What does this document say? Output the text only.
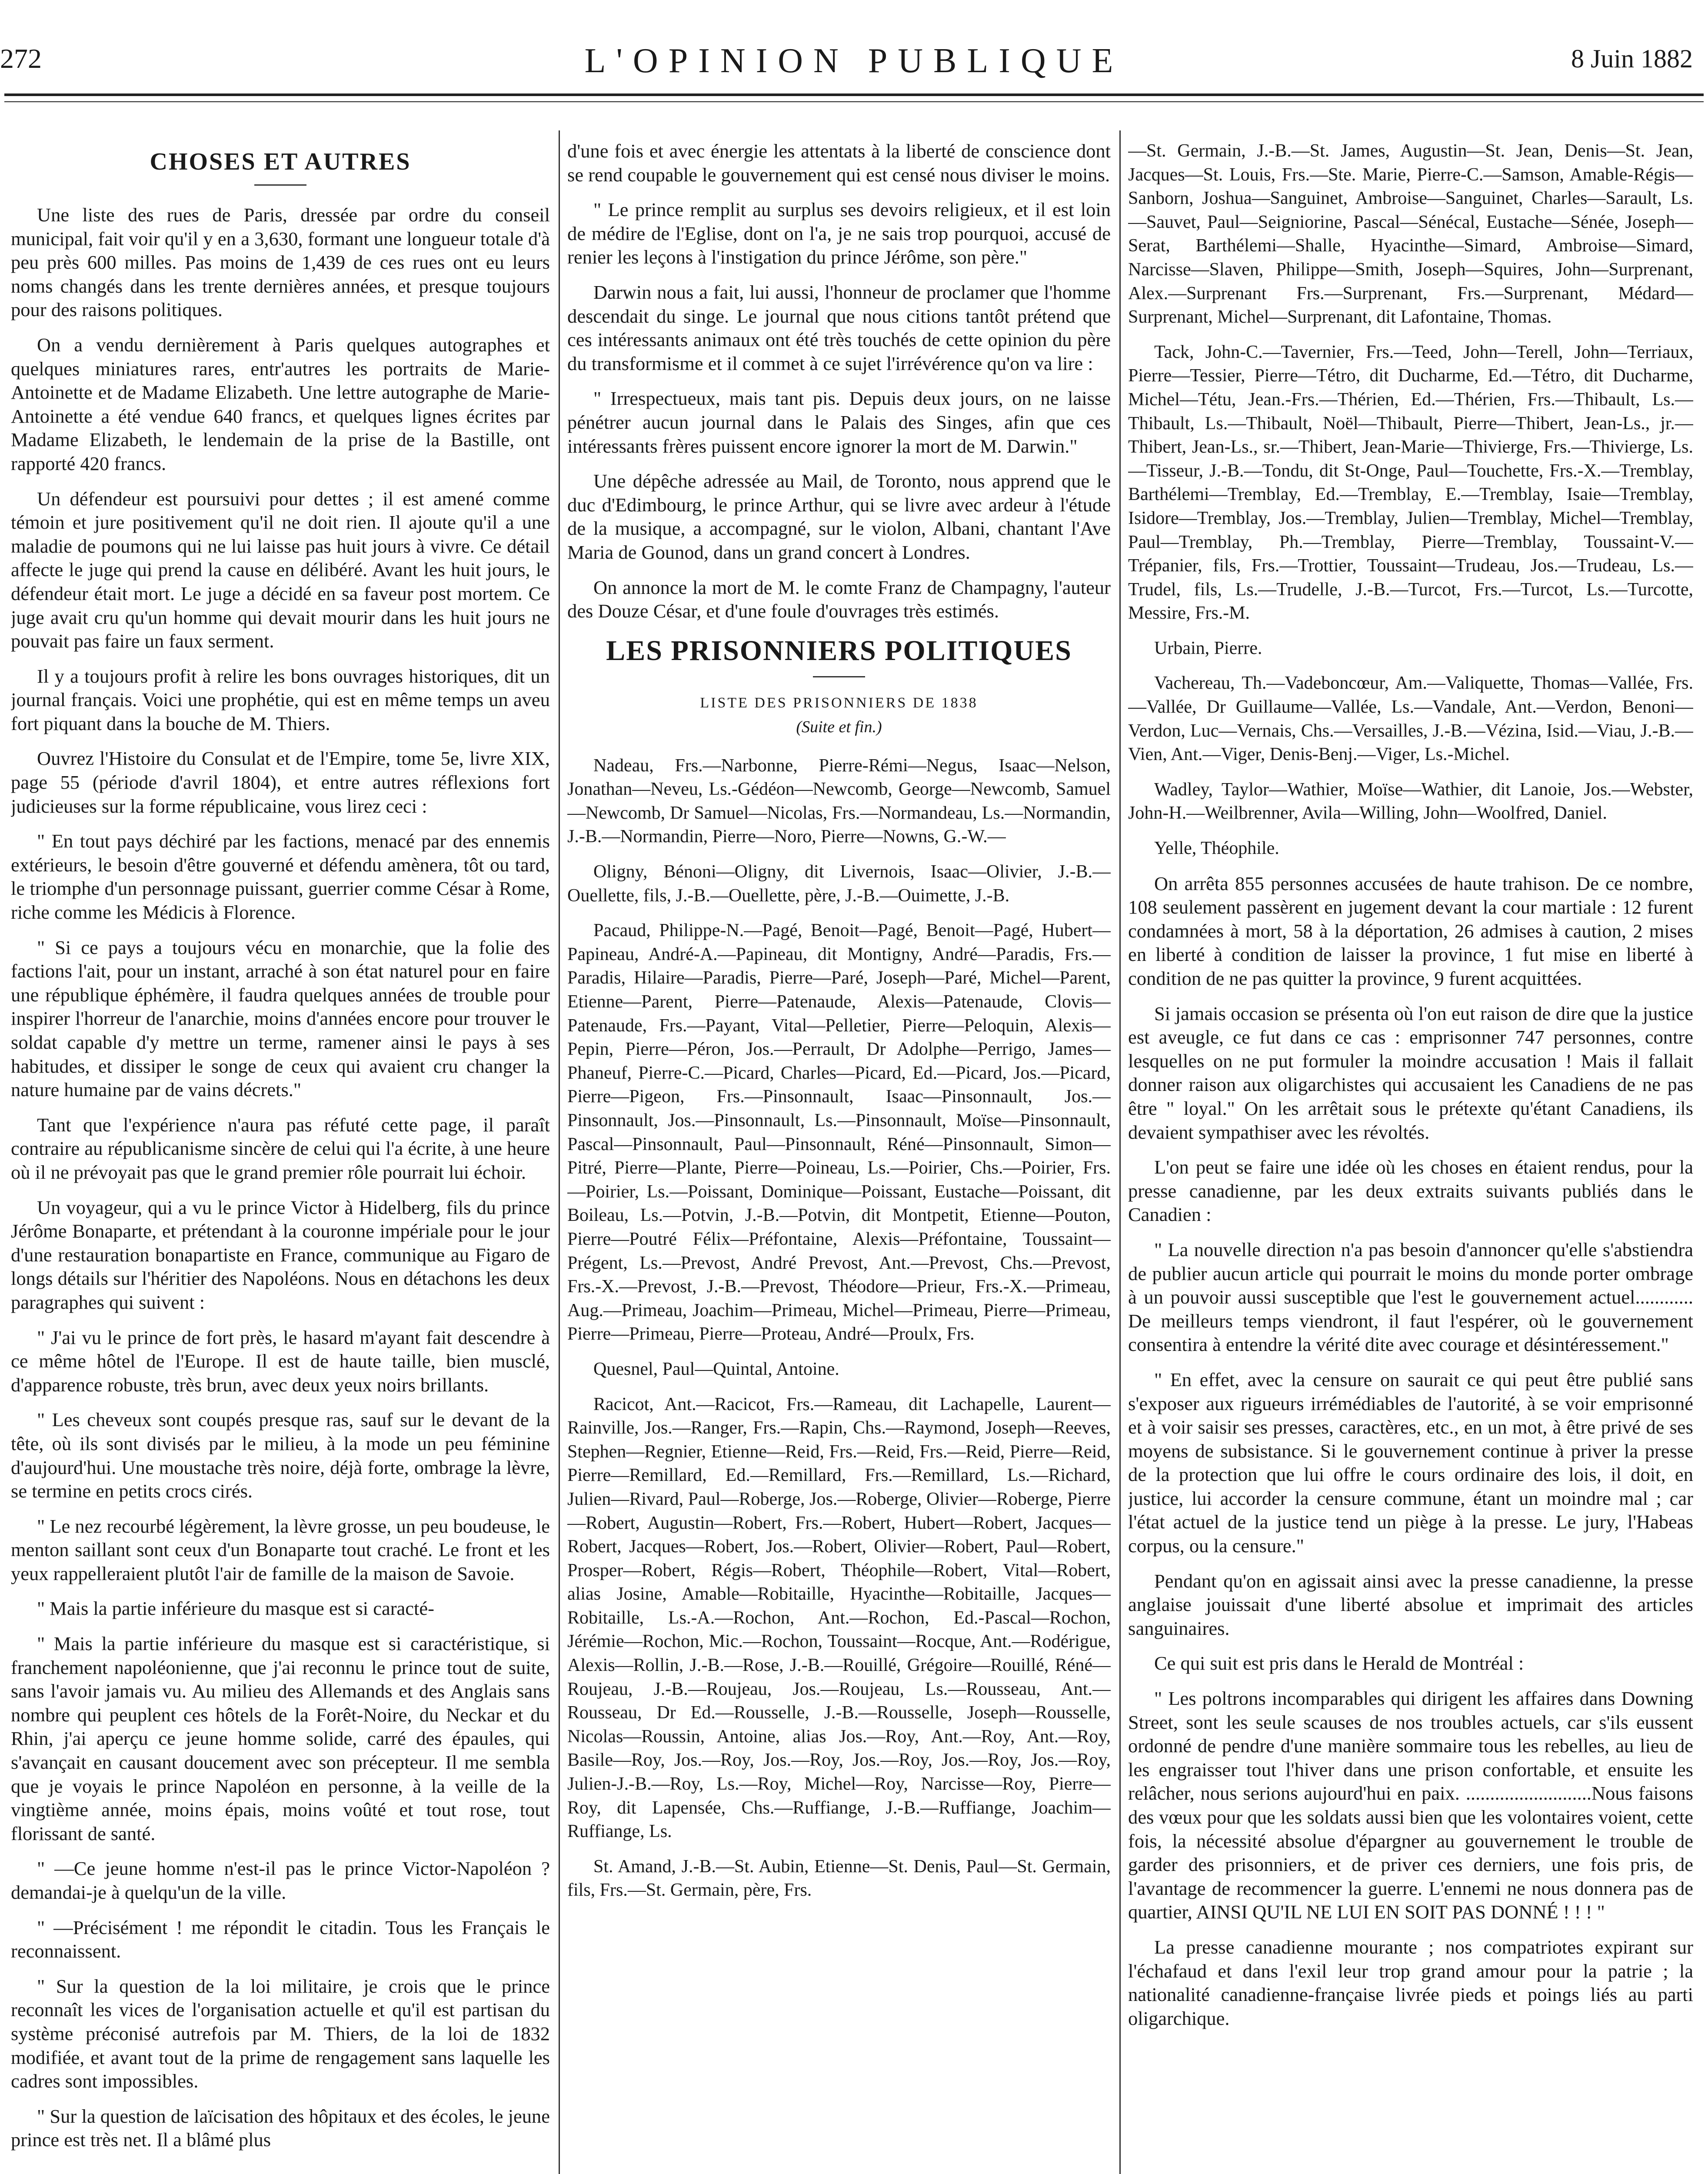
272	L'OPINION PUBLIQUE	8 Juin 1882
CHOSES ET AUTRES

Une liste des rues de Paris, dressée par ordre du conseil municipal, fait voir qu'il y en a 3,630, formant une longueur totale d'à peu près 600 milles. Pas moins de 1,439 de ces rues ont eu leurs noms changés dans les trente dernières années, et presque toujours pour des raisons politiques.

On a vendu dernièrement à Paris quelques autographes et quelques miniatures rares, entr'autres les portraits de Marie-Antoinette et de Madame Elizabeth. Une lettre autographe de Marie-Antoinette a été vendue 640 francs, et quelques lignes écrites par Madame Elizabeth, le lendemain de la prise de la Bastille, ont rapporté 420 francs.

Un défendeur est poursuivi pour dettes ; il est amené comme témoin et jure positivement qu'il ne doit rien. Il ajoute qu'il a une maladie de poumons qui ne lui laisse pas huit jours à vivre. Ce détail affecte le juge qui prend la cause en délibéré. Avant les huit jours, le défendeur était mort. Le juge a décidé en sa faveur post mortem. Ce juge avait cru qu'un homme qui devait mourir dans les huit jours ne pouvait pas faire un faux serment.

Il y a toujours profit à relire les bons ouvrages historiques, dit un journal français. Voici une prophétie, qui est en même temps un aveu fort piquant dans la bouche de M. Thiers.

Ouvrez l'Histoire du Consulat et de l'Empire, tome 5e, livre XIX, page 55 (période d'avril 1804), et entre autres réflexions fort judicieuses sur la forme républicaine, vous lirez ceci :

" En tout pays déchiré par les factions, menacé par des ennemis extérieurs, le besoin d'être gouverné et défendu amènera, tôt ou tard, le triomphe d'un personnage puissant, guerrier comme César à Rome, riche comme les Médicis à Florence.

" Si ce pays a toujours vécu en monarchie, que la folie des factions l'ait, pour un instant, arraché à son état naturel pour en faire une république éphémère, il faudra quelques années de trouble pour inspirer l'horreur de l'anarchie, moins d'années encore pour trouver le soldat capable d'y mettre un terme, ramener ainsi le pays à ses habitudes, et dissiper le songe de ceux qui avaient cru changer la nature humaine par de vains décrets."

Tant que l'expérience n'aura pas réfuté cette page, il paraît contraire au républicanisme sincère de celui qui l'a écrite, à une heure où il ne prévoyait pas que le grand premier rôle pourrait lui échoir.

Un voyageur, qui a vu le prince Victor à Hidelberg, fils du prince Jérôme Bonaparte, et prétendant à la couronne impériale pour le jour d'une restauration bonapartiste en France, communique au Figaro de longs détails sur l'héritier des Napoléons. Nous en détachons les deux paragraphes qui suivent :

" J'ai vu le prince de fort près, le hasard m'ayant fait descendre à ce même hôtel de l'Europe. Il est de haute taille, bien musclé, d'apparence robuste, très brun, avec deux yeux noirs brillants.

" Les cheveux sont coupés presque ras, sauf sur le devant de la tête, où ils sont divisés par le milieu, à la mode un peu féminine d'aujourd'hui. Une moustache très noire, déjà forte, ombrage la lèvre, se termine en petits crocs cirés.

" Le nez recourbé légèrement, la lèvre grosse, un peu boudeuse, le menton saillant sont ceux d'un Bonaparte tout craché. Le front et les yeux rappelleraient plutôt l'air de famille de la maison de Savoie.

" Mais la partie inférieure du masque est si caracté-

" Mais la partie inférieure du masque est si caractéristique, si franchement napoléonienne, que j'ai reconnu le prince tout de suite, sans l'avoir jamais vu. Au milieu des Allemands et des Anglais sans nombre qui peuplent ces hôtels de la Forêt-Noire, du Neckar et du Rhin, j'ai aperçu ce jeune homme solide, carré des épaules, qui s'avançait en causant doucement avec son précepteur. Il me sembla que je voyais le prince Napoléon en personne, à la veille de la vingtième année, moins épais, moins voûté et tout rose, tout florissant de santé.

" —Ce jeune homme n'est-il pas le prince Victor-Napoléon ? demandai-je à quelqu'un de la ville.

" —Précisément ! me répondit le citadin. Tous les Français le reconnaissent.

" Sur la question de la loi militaire, je crois que le prince reconnaît les vices de l'organisation actuelle et qu'il est partisan du système préconisé autrefois par M. Thiers, de la loi de 1832 modifiée, et avant tout de la prime de rengagement sans laquelle les cadres sont impossibles.

" Sur la question de laïcisation des hôpitaux et des écoles, le jeune prince est très net. Il a blâmé plus

d'une fois et avec énergie les attentats à la liberté de conscience dont se rend coupable le gouvernement qui est censé nous diviser le moins.

" Le prince remplit au surplus ses devoirs religieux, et il est loin de médire de l'Eglise, dont on l'a, je ne sais trop pourquoi, accusé de renier les leçons à l'instigation du prince Jérôme, son père."

Darwin nous a fait, lui aussi, l'honneur de proclamer que l'homme descendait du singe. Le journal que nous citions tantôt prétend que ces intéressants animaux ont été très touchés de cette opinion du père du transformisme et il commet à ce sujet l'irrévérence qu'on va lire :

" Irrespectueux, mais tant pis. Depuis deux jours, on ne laisse pénétrer aucun journal dans le Palais des Singes, afin que ces intéressants frères puissent encore ignorer la mort de M. Darwin."

Une dépêche adressée au Mail, de Toronto, nous apprend que le duc d'Edimbourg, le prince Arthur, qui se livre avec ardeur à l'étude de la musique, a accompagné, sur le violon, Albani, chantant l'Ave Maria de Gounod, dans un grand concert à Londres.

On annonce la mort de M. le comte Franz de Champagny, l'auteur des Douze César, et d'une foule d'ouvrages très estimés.

LES PRISONNIERS POLITIQUES
LISTE DES PRISONNIERS DE 1838
(Suite et fin.)

Nadeau, Frs.—Narbonne, Pierre-Rémi—Negus, Isaac—Nelson, Jonathan—Neveu, Ls.-Gédéon—Newcomb, George—Newcomb, Samuel—Newcomb, Dr Samuel—Nicolas, Frs.—Normandeau, Ls.—Normandin, J.-B.—Normandin, Pierre—Noro, Pierre—Nowns, G.-W.—

Oligny, Bénoni—Oligny, dit Livernois, Isaac—Olivier, J.-B.—Ouellette, fils, J.-B.—Ouellette, père, J.-B.—Ouimette, J.-B.

Pacaud, Philippe-N.—Pagé, Benoit—Pagé, Benoit—Pagé, Hubert—Papineau, André-A.—Papineau, dit Montigny, André—Paradis, Frs.—Paradis, Hilaire—Paradis, Pierre—Paré, Joseph—Paré, Michel—Parent, Etienne—Parent, Pierre—Patenaude, Alexis—Patenaude, Clovis—Patenaude, Frs.—Payant, Vital—Pelletier, Pierre—Peloquin, Alexis—Pepin, Pierre—Péron, Jos.—Perrault, Dr Adolphe—Perrigo, James—Phaneuf, Pierre-C.—Picard, Charles—Picard, Ed.—Picard, Jos.—Picard, Pierre—Pigeon, Frs.—Pinsonnault, Isaac—Pinsonnault, Jos.—Pinsonnault, Jos.—Pinsonnault, Ls.—Pinsonnault, Moïse—Pinsonnault, Pascal—Pinsonnault, Paul—Pinsonnault, Réné—Pinsonnault, Simon—Pitré, Pierre—Plante, Pierre—Poineau, Ls.—Poirier, Chs.—Poirier, Frs.—Poirier, Ls.—Poissant, Dominique—Poissant, Eustache—Poissant, dit Boileau, Ls.—Potvin, J.-B.—Potvin, dit Montpetit, Etienne—Pouton, Pierre—Poutré Félix—Préfontaine, Alexis—Préfontaine, Toussaint—Prégent, Ls.—Prevost, André Prevost, Ant.—Prevost, Chs.—Prevost, Frs.-X.—Prevost, J.-B.—Prevost, Théodore—Prieur, Frs.-X.—Primeau, Aug.—Primeau, Joachim—Primeau, Michel—Primeau, Pierre—Primeau, Pierre—Primeau, Pierre—Proteau, André—Proulx, Frs.

Quesnel, Paul—Quintal, Antoine.

Racicot, Ant.—Racicot, Frs.—Rameau, dit Lachapelle, Laurent—Rainville, Jos.—Ranger, Frs.—Rapin, Chs.—Raymond, Joseph—Reeves, Stephen—Regnier, Etienne—Reid, Frs.—Reid, Frs.—Reid, Pierre—Reid, Pierre—Remillard, Ed.—Remillard, Frs.—Remillard, Ls.—Richard, Julien—Rivard, Paul—Roberge, Jos.—Roberge, Olivier—Roberge, Pierre—Robert, Augustin—Robert, Frs.—Robert, Hubert—Robert, Jacques—Robert, Jacques—Robert, Jos.—Robert, Olivier—Robert, Paul—Robert, Prosper—Robert, Régis—Robert, Théophile—Robert, Vital—Robert, alias Josine, Amable—Robitaille, Hyacinthe—Robitaille, Jacques—Robitaille, Ls.-A.—Rochon, Ant.—Rochon, Ed.-Pascal—Rochon, Jérémie—Rochon, Mic.—Rochon, Toussaint—Rocque, Ant.—Rodérigue, Alexis—Rollin, J.-B.—Rose, J.-B.—Rouillé, Grégoire—Rouillé, Réné—Roujeau, J.-B.—Roujeau, Jos.—Roujeau, Ls.—Rousseau, Ant.—Rousseau, Dr Ed.—Rousselle, J.-B.—Rousselle, Joseph—Rousselle, Nicolas—Roussin, Antoine, alias Jos.—Roy, Ant.—Roy, Ant.—Roy, Basile—Roy, Jos.—Roy, Jos.—Roy, Jos.—Roy, Jos.—Roy, Jos.—Roy, Julien-J.-B.—Roy, Ls.—Roy, Michel—Roy, Narcisse—Roy, Pierre—Roy, dit Lapensée, Chs.—Ruffiange, J.-B.—Ruffiange, Joachim—Ruffiange, Ls.

St. Amand, J.-B.—St. Aubin, Etienne—St. Denis, Paul—St. Germain, fils, Frs.—St. Germain, père, Frs.

—St. Germain, J.-B.—St. James, Augustin—St. Jean, Denis—St. Jean, Jacques—St. Louis, Frs.—Ste. Marie, Pierre-C.—Samson, Amable-Régis—Sanborn, Joshua—Sanguinet, Ambroise—Sanguinet, Charles—Sarault, Ls.—Sauvet, Paul—Seigniorine, Pascal—Sénécal, Eustache—Sénée, Joseph—Serat, Barthélemi—Shalle, Hyacinthe—Simard, Ambroise—Simard, Narcisse—Slaven, Philippe—Smith, Joseph—Squires, John—Surprenant, Alex.—Surprenant Frs.—Surprenant, Frs.—Surprenant, Médard—Surprenant, Michel—Surprenant, dit Lafontaine, Thomas.

Tack, John-C.—Tavernier, Frs.—Teed, John—Terell, John—Terriaux, Pierre—Tessier, Pierre—Tétro, dit Ducharme, Ed.—Tétro, dit Ducharme, Michel—Tétu, Jean.-Frs.—Thérien, Ed.—Thérien, Frs.—Thibault, Ls.—Thibault, Ls.—Thibault, Noël—Thibault, Pierre—Thibert, Jean-Ls., jr.—Thibert, Jean-Ls., sr.—Thibert, Jean-Marie—Thivierge, Frs.—Thivierge, Ls.—Tisseur, J.-B.—Tondu, dit St-Onge, Paul—Touchette, Frs.-X.—Tremblay, Barthélemi—Tremblay, Ed.—Tremblay, E.—Tremblay, Isaie—Tremblay, Isidore—Tremblay, Jos.—Tremblay, Julien—Tremblay, Michel—Tremblay, Paul—Tremblay, Ph.—Tremblay, Pierre—Tremblay, Toussaint-V.—Trépanier, fils, Frs.—Trottier, Toussaint—Trudeau, Jos.—Trudeau, Ls.—Trudel, fils, Ls.—Trudelle, J.-B.—Turcot, Frs.—Turcot, Ls.—Turcotte, Messire, Frs.-M.

Urbain, Pierre.

Vachereau, Th.—Vadeboncœur, Am.—Valiquette, Thomas—Vallée, Frs.—Vallée, Dr Guillaume—Vallée, Ls.—Vandale, Ant.—Verdon, Benoni—Verdon, Luc—Vernais, Chs.—Versailles, J.-B.—Vézina, Isid.—Viau, J.-B.—Vien, Ant.—Viger, Denis-Benj.—Viger, Ls.-Michel.

Wadley, Taylor—Wathier, Moïse—Wathier, dit Lanoie, Jos.—Webster, John-H.—Weilbrenner, Avila—Willing, John—Woolfred, Daniel.

Yelle, Théophile.

On arrêta 855 personnes accusées de haute trahison. De ce nombre, 108 seulement passèrent en jugement devant la cour martiale : 12 furent condamnées à mort, 58 à la déportation, 26 admises à caution, 2 mises en liberté à condition de laisser la province, 1 fut mise en liberté à condition de ne pas quitter la province, 9 furent acquittées.

Si jamais occasion se présenta où l'on eut raison de dire que la justice est aveugle, ce fut dans ce cas : emprisonner 747 personnes, contre lesquelles on ne put formuler la moindre accusation ! Mais il fallait donner raison aux oligarchistes qui accusaient les Canadiens de ne pas être " loyal." On les arrêtait sous le prétexte qu'étant Canadiens, ils devaient sympathiser avec les révoltés.

L'on peut se faire une idée où les choses en étaient rendus, pour la presse canadienne, par les deux extraits suivants publiés dans le Canadien :

" La nouvelle direction n'a pas besoin d'annoncer qu'elle s'abstiendra de publier aucun article qui pourrait le moins du monde porter ombrage à un pouvoir aussi susceptible que l'est le gouvernement actuel............ De meilleurs temps viendront, il faut l'espérer, où le gouvernement consentira à entendre la vérité dite avec courage et désintéressement."

" En effet, avec la censure on saurait ce qui peut être publié sans s'exposer aux rigueurs irrémédiables de l'autorité, à se voir emprisonné et à voir saisir ses presses, caractères, etc., en un mot, à être privé de ses moyens de subsistance. Si le gouvernement continue à priver la presse de la protection que lui offre le cours ordinaire des lois, il doit, en justice, lui accorder la censure commune, étant un moindre mal ; car l'état actuel de la justice tend un piège à la presse. Le jury, l'Habeas corpus, ou la censure."

Pendant qu'on en agissait ainsi avec la presse canadienne, la presse anglaise jouissait d'une liberté absolue et imprimait des articles sanguinaires.

Ce qui suit est pris dans le Herald de Montréal :

" Les poltrons incomparables qui dirigent les affaires dans Downing Street, sont les seule scauses de nos troubles actuels, car s'ils eussent ordonné de pendre d'une manière sommaire tous les rebelles, au lieu de les engraisser tout l'hiver dans une prison confortable, et ensuite les relâcher, nous serions aujourd'hui en paix. ..........................Nous faisons des vœux pour que les soldats aussi bien que les volontaires voient, cette fois, la nécessité absolue d'épargner au gouvernement le trouble de garder des prisonniers, et de priver ces derniers, une fois pris, de l'avantage de recommencer la guerre. L'ennemi ne nous donnera pas de quartier, AINSI QU'IL NE LUI EN SOIT PAS DONNÉ ! ! ! "

La presse canadienne mourante ; nos compatriotes expirant sur l'échafaud et dans l'exil leur trop grand amour pour la patrie ; la nationalité canadienne-française livrée pieds et poings liés au parti oligarchique.
